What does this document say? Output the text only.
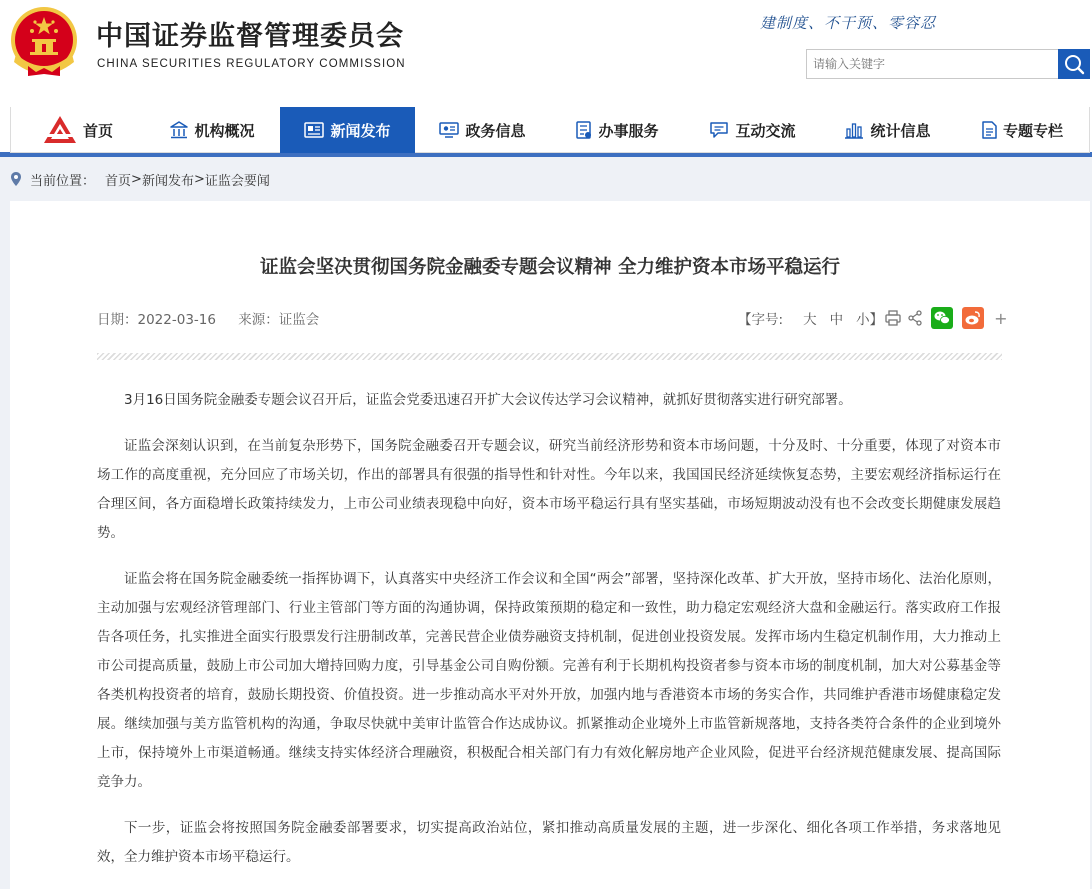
中国证券监督管理委员会
CHINA SECURITIES REGULATORY COMMISSION
建制度、不干预、零容忍
请输入关键字
首页	机构概况	新闻发布	政务信息	办事服务	互动交流	统计信息	专题专栏
当前位置： 首页 > 新闻发布 > 证监会要闻
证监会坚决贯彻国务院金融委专题会议精神 全力维护资本市场平稳运行
日期：2022-03-16 来源：证监会	【字号: 大 中 小 】	+

3月16日国务院金融委专题会议召开后，证监会党委迅速召开扩大会议传达学习会议精神，就抓好贯彻落实进行研究部署。

证监会深刻认识到，在当前复杂形势下，国务院金融委召开专题会议，研究当前经济形势和资本市场问题，十分及时、十分重要，体现了对资本市场工作的高度重视，充分回应了市场关切，作出的部署具有很强的指导性和针对性。今年以来，我国国民经济延续恢复态势，主要宏观经济指标运行在合理区间，各方面稳增长政策持续发力，上市公司业绩表现稳中向好，资本市场平稳运行具有坚实基础，市场短期波动没有也不会改变长期健康发展趋势。

证监会将在国务院金融委统一指挥协调下，认真落实中央经济工作会议和全国“两会”部署，坚持深化改革、扩大开放，坚持市场化、法治化原则，主动加强与宏观经济管理部门、行业主管部门等方面的沟通协调，保持政策预期的稳定和一致性，助力稳定宏观经济大盘和金融运行。落实政府工作报告各项任务，扎实推进全面实行股票发行注册制改革，完善民营企业债券融资支持机制，促进创业投资发展。发挥市场内生稳定机制作用，大力推动上市公司提高质量，鼓励上市公司加大增持回购力度，引导基金公司自购份额。完善有利于长期机构投资者参与资本市场的制度机制，加大对公募基金等各类机构投资者的培育，鼓励长期投资、价值投资。进一步推动高水平对外开放，加强内地与香港资本市场的务实合作，共同维护香港市场健康稳定发展。继续加强与美方监管机构的沟通，争取尽快就中美审计监管合作达成协议。抓紧推动企业境外上市监管新规落地，支持各类符合条件的企业到境外上市，保持境外上市渠道畅通。继续支持实体经济合理融资，积极配合相关部门有力有效化解房地产企业风险，促进平台经济规范健康发展、提高国际竞争力。

下一步，证监会将按照国务院金融委部署要求，切实提高政治站位，紧扣推动高质量发展的主题，进一步深化、细化各项工作举措，务求落地见效，全力维护资本市场平稳运行。
